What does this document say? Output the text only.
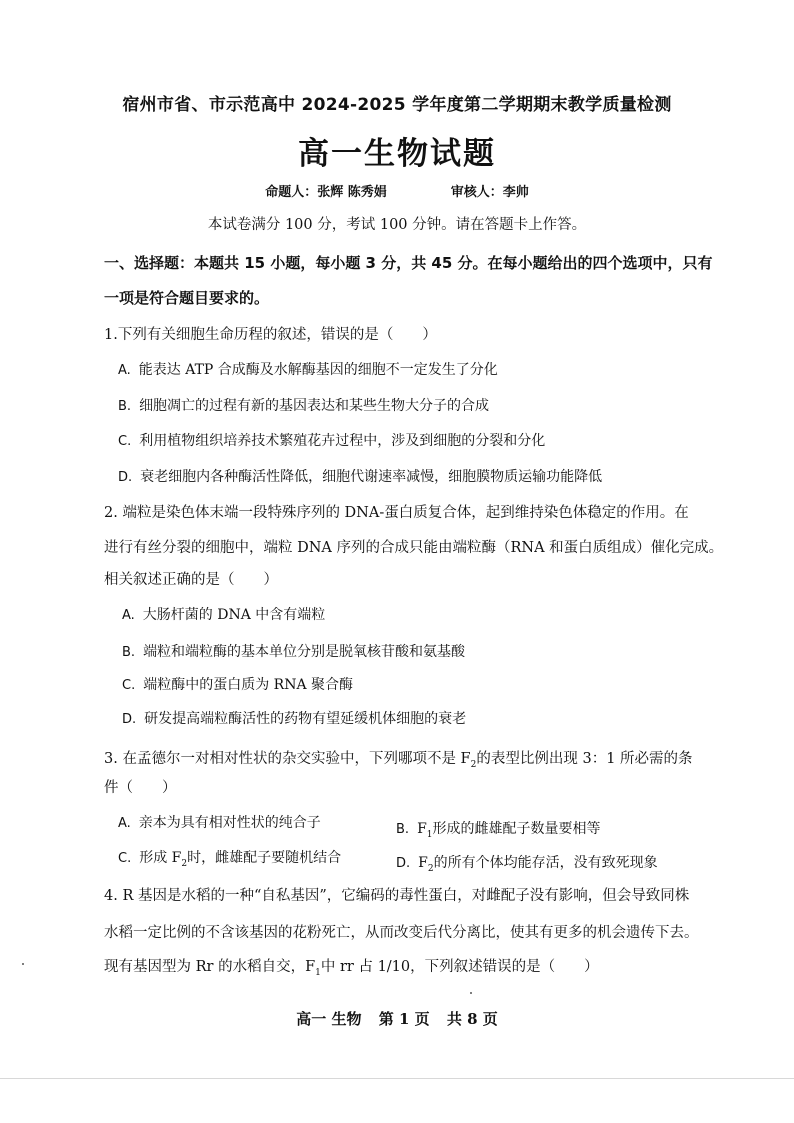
宿州市省、市示范高中 2024-2025 学年度第二学期期末教学质量检测
高一生物试题
命题人：张辉 陈秀娟	审核人：李帅
本试卷满分 100 分，考试 100 分钟。请在答题卡上作答。
一、选择题：本题共 15 小题，每小题 3 分，共 45 分。在每小题给出的四个选项中，只有
一项是符合题目要求的。
1.下列有关细胞生命历程的叙述，错误的是（　　）
A. 能表达 ATP 合成酶及水解酶基因的细胞不一定发生了分化
B. 细胞凋亡的过程有新的基因表达和某些生物大分子的合成
C. 利用植物组织培养技术繁殖花卉过程中，涉及到细胞的分裂和分化
D. 衰老细胞内各种酶活性降低，细胞代谢速率减慢，细胞膜物质运输功能降低
2. 端粒是染色体末端一段特殊序列的 DNA-蛋白质复合体，起到维持染色体稳定的作用。在
进行有丝分裂的细胞中，端粒 DNA 序列的合成只能由端粒酶（RNA 和蛋白质组成）催化完成。
相关叙述正确的是（　　）
A. 大肠杆菌的 DNA 中含有端粒
B. 端粒和端粒酶的基本单位分别是脱氧核苷酸和氨基酸
C. 端粒酶中的蛋白质为 RNA 聚合酶
D. 研发提高端粒酶活性的药物有望延缓机体细胞的衰老
3. 在孟德尔一对相对性状的杂交实验中，下列哪项不是 $F_2$的表型比例出现 3：1 所必需的条
件（　　）
A. 亲本为具有相对性状的纯合子	B. $F_1$形成的雌雄配子数量要相等
C. 形成 $F_2$时，雌雄配子要随机结合	D. $F_2$的所有个体均能存活，没有致死现象
4. R 基因是水稻的一种“自私基因”，它编码的毒性蛋白，对雌配子没有影响，但会导致同株
水稻一定比例的不含该基因的花粉死亡，从而改变后代分离比，使其有更多的机会遗传下去。
现有基因型为 Rr 的水稻自交，$F_1$中 rr 占 1/10，下列叙述错误的是（　　）
高一 生物 第 1 页 共 8 页
